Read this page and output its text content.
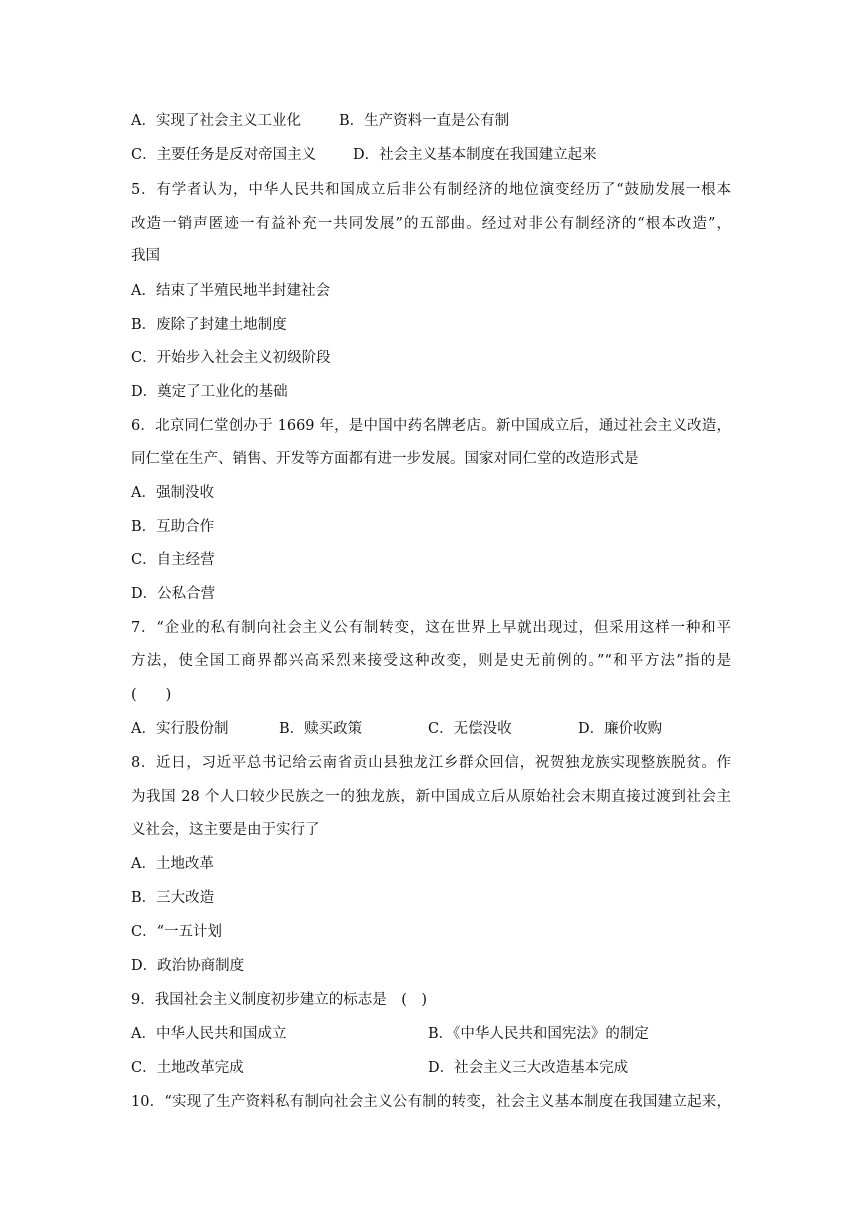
A．实现了社会主义工业化	B．生产资料一直是公有制
C．主要任务是反对帝国主义	D．社会主义基本制度在我国建立起来
5．有学者认为，中华人民共和国成立后非公有制经济的地位演变经历了“鼓励发展一根本
改造一销声匿迹一有益补充一共同发展”的五部曲。经过对非公有制经济的“根本改造”，
我国
A．结束了半殖民地半封建社会
B．废除了封建土地制度
C．开始步入社会主义初级阶段
D．奠定了工业化的基础
6．北京同仁堂创办于 1669 年，是中国中药名牌老店。新中国成立后，通过社会主义改造，
同仁堂在生产、销售、开发等方面都有进一步发展。国家对同仁堂的改造形式是
A．强制没收
B．互助合作
C．自主经营
D．公私合营
7．“企业的私有制向社会主义公有制转变，这在世界上早就出现过，但采用这样一种和平
方法，使全国工商界都兴高采烈来接受这种改变，则是史无前例的。”“和平方法”指的是
(　　)
A．实行股份制	B．赎买政策	C．无偿没收	D．廉价收购
8．近日，习近平总书记给云南省贡山县独龙江乡群众回信，祝贺独龙族实现整族脱贫。作
为我国 28 个人口较少民族之一的独龙族，新中国成立后从原始社会末期直接过渡到社会主
义社会，这主要是由于实行了
A．土地改革
B．三大改造
C．“一五计划
D．政治协商制度
9．我国社会主义制度初步建立的标志是　(　)
A．中华人民共和国成立	B．《中华人民共和国宪法》的制定
C．土地改革完成	D．社会主义三大改造基本完成
10．“实现了生产资料私有制向社会主义公有制的转变，社会主义基本制度在我国建立起来，
